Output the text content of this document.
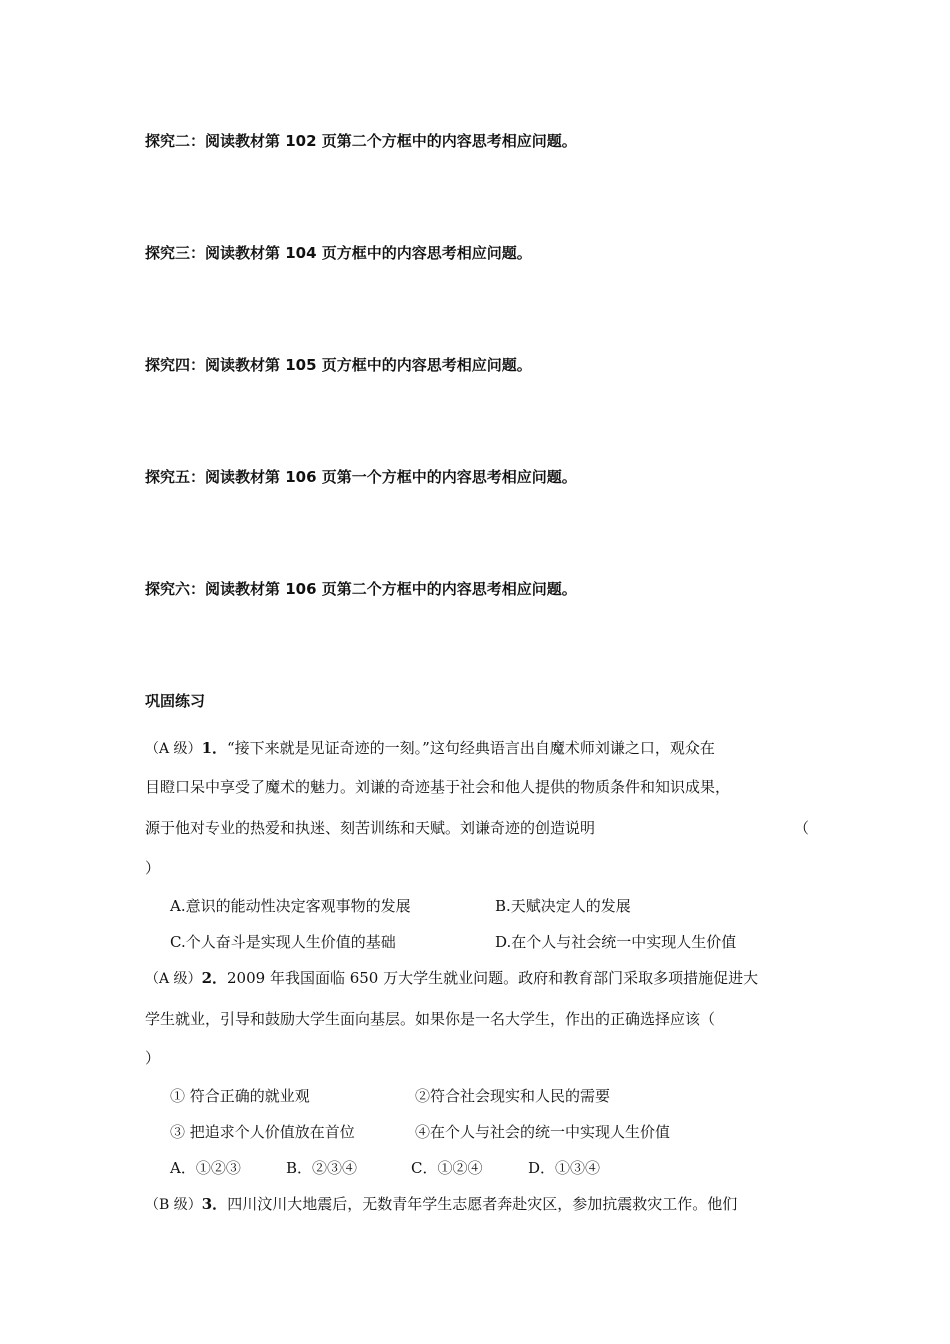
探究二：阅读教材第 102 页第二个方框中的内容思考相应问题。
探究三：阅读教材第 104 页方框中的内容思考相应问题。
探究四：阅读教材第 105 页方框中的内容思考相应问题。
探究五：阅读教材第 106 页第一个方框中的内容思考相应问题。
探究六：阅读教材第 106 页第二个方框中的内容思考相应问题。
巩固练习
（A 级）1．“接下来就是见证奇迹的一刻。”这句经典语言出自魔术师刘谦之口，观众在
目瞪口呆中享受了魔术的魅力。刘谦的奇迹基于社会和他人提供的物质条件和知识成果，
源于他对专业的热爱和执迷、刻苦训练和天赋。刘谦奇迹的创造说明	（
）
A.意识的能动性决定客观事物的发展	B.天赋决定人的发展
C.个人奋斗是实现人生价值的基础	D.在个人与社会统一中实现人生价值
（A 级）2．2009 年我国面临 650 万大学生就业问题。政府和教育部门采取多项措施促进大
学生就业，引导和鼓励大学生面向基层。如果你是一名大学生，作出的正确选择应该（
）
① 符合正确的就业观	②符合社会现实和人民的需要
③ 把追求个人价值放在首位	④在个人与社会的统一中实现人生价值
A．①②③	B．②③④	C．①②④	D．①③④
（B 级）3．四川汶川大地震后，无数青年学生志愿者奔赴灾区，参加抗震救灾工作。他们
